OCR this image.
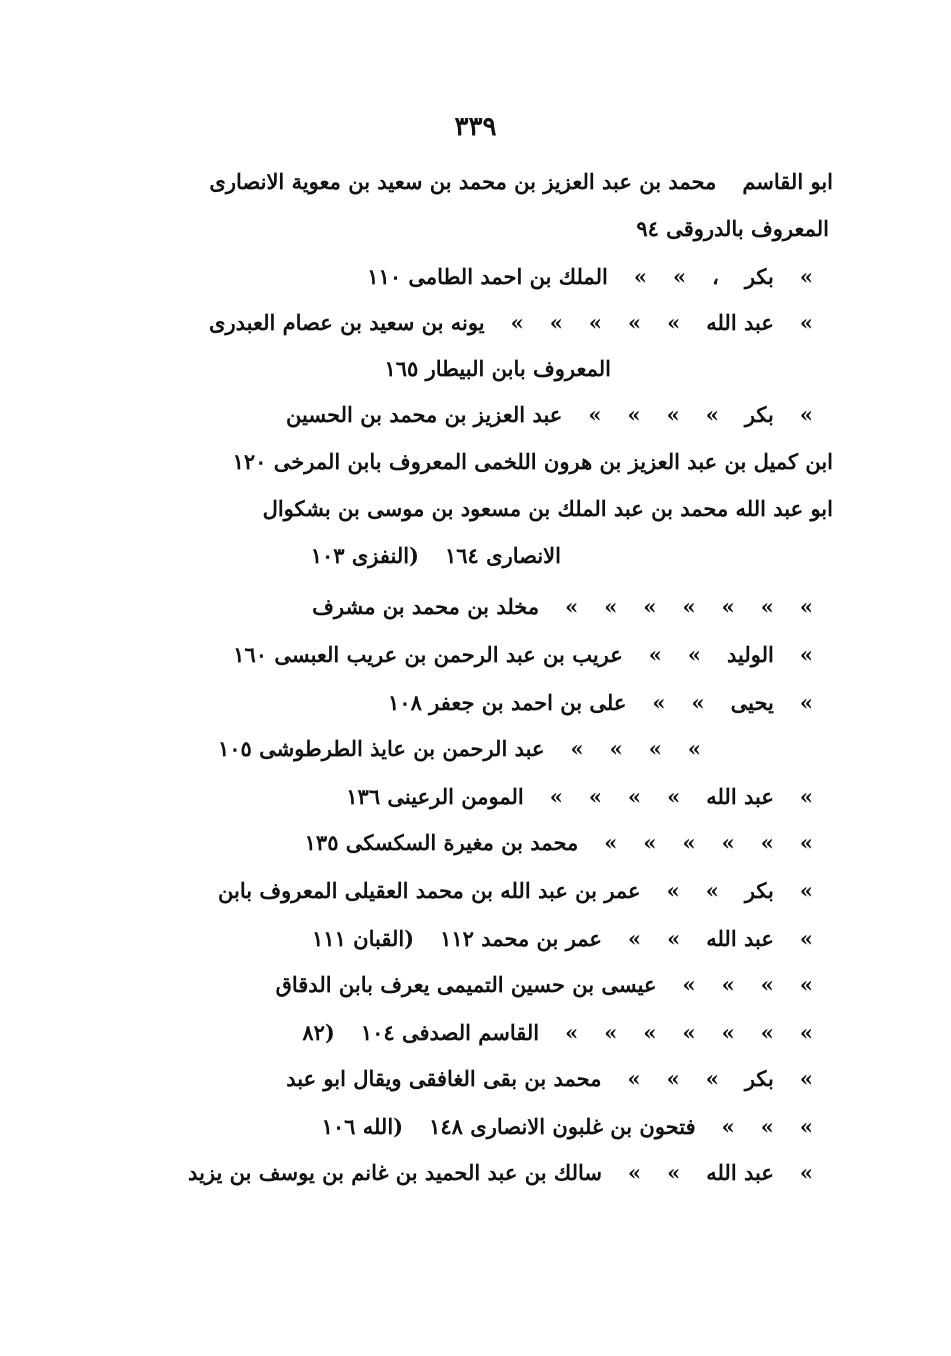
٣٣٩
ابو القاسم
محمد بن عبد العزيز بن محمد بن سعيد بن معوية الانصارى
المعروف بالدروقى ٩٤
«
بكر
،
«
«
الملك بن احمد الطامى ١١٠
«
عبد الله
«
«
«
«
«
يونه بن سعيد بن عصام العبدرى
المعروف بابن البيطار ١٦٥
«
بكر
«
«
«
«
عبد العزيز بن محمد بن الحسين
ابن كميل بن عبد العزيز بن هرون اللخمى المعروف بابن المرخى ١٢٠
ابو عبد الله محمد بن عبد الملك بن مسعود بن موسى بن بشكوال
الانصارى ١٦٤
(النفزى ١٠٣
«
«
«
«
«
«
«
مخلد بن محمد بن مشرف
«
الوليد
«
«
عريب بن عبد الرحمن بن عريب العبسى ١٦٠
«
يحيى
«
«
على بن احمد بن جعفر ١٠٨
«
«
«
«
عبد الرحمن بن عايذ الطرطوشى ١٠٥
«
عبد الله
«
«
«
«
المومن الرعينى ١٣٦
«
«
«
«
«
«
محمد بن مغيرة السكسكى ١٣٥
«
بكر
«
«
عمر بن عبد الله بن محمد العقيلى المعروف بابن
«
عبد الله
«
«
عمر بن محمد ١١٢
(القبان ١١١
«
«
«
«
عيسى بن حسين التميمى يعرف بابن الدقاق
«
«
«
«
«
«
«
القاسم الصدفى ١٠٤
٨٢)
«
بكر
«
«
«
محمد بن بقى الغافقى ويقال ابو عبد
«
«
«
فتحون بن غلبون الانصارى ١٤٨
(الله ١٠٦
«
عبد الله
«
«
سالك بن عبد الحميد بن غانم بن يوسف بن يزيد
